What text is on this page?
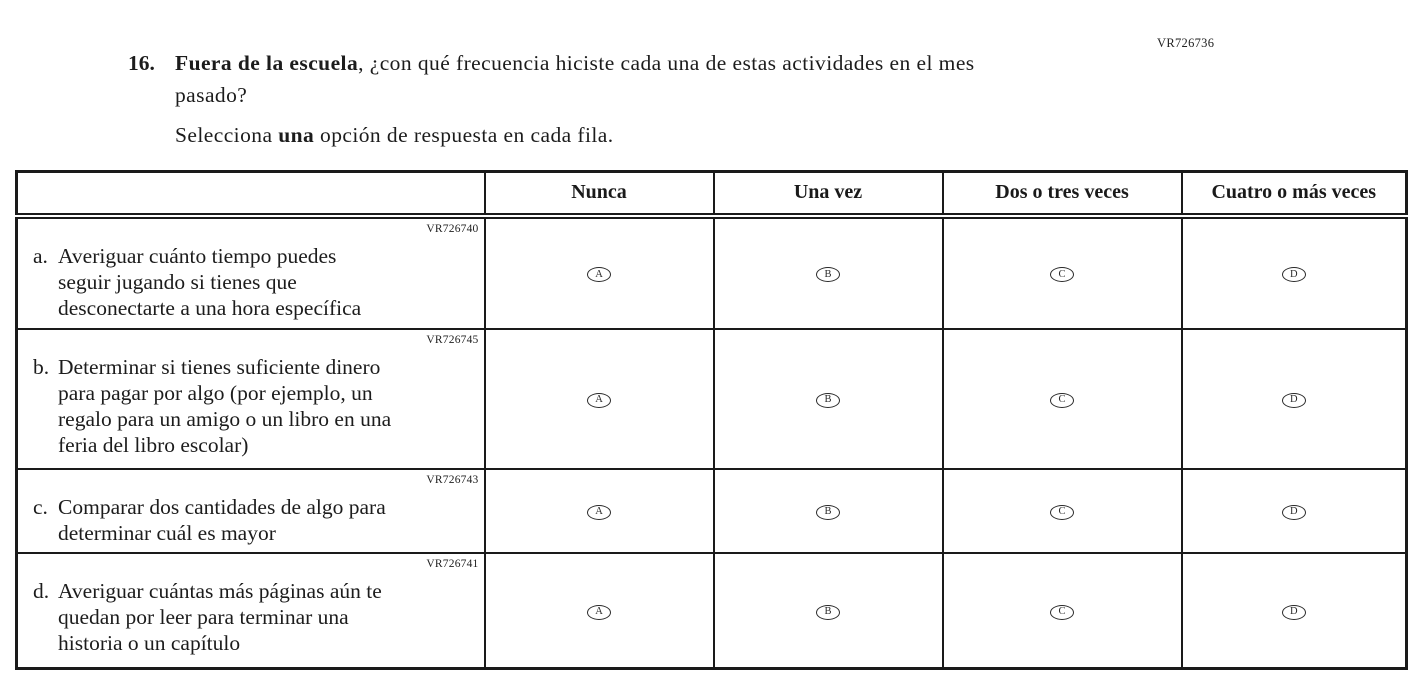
VR726736
16. Fuera de la escuela, ¿con qué frecuencia hiciste cada una de estas actividades en el mes pasado?
Selecciona una opción de respuesta en cada fila.
	Nunca	Una vez	Dos o tres veces	Cuatro o más veces

VR726740
a. Averiguar cuánto tiempo puedes seguir jugando si tienes que desconectarte a una hora específica	A	B	C	D

VR726745
b. Determinar si tienes suficiente dinero para pagar por algo (por ejemplo, un regalo para un amigo o un libro en una feria del libro escolar)	A	B	C	D

VR726743
c. Comparar dos cantidades de algo para determinar cuál es mayor	A	B	C	D

VR726741
d. Averiguar cuántas más páginas aún te quedan por leer para terminar una historia o un capítulo	A	B	C	D
